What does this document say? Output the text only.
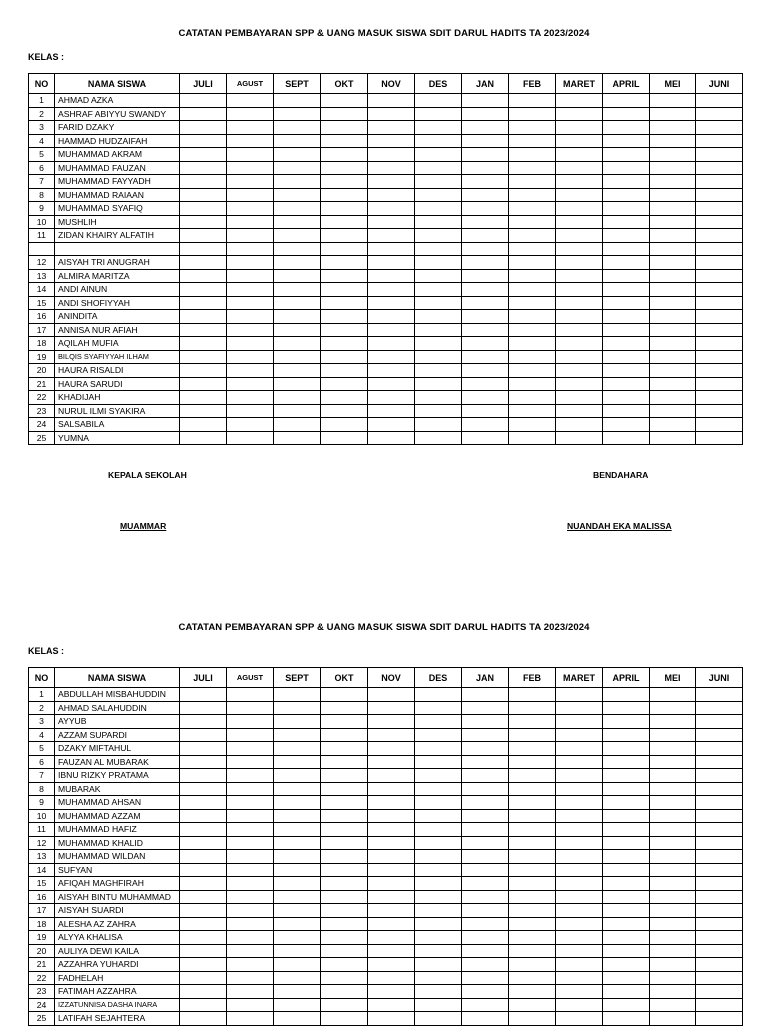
CATATAN PEMBAYARAN SPP & UANG MASUK SISWA SDIT DARUL HADITS TA 2023/2024
KELAS :
NO	NAMA SISWA	JULI	AGUST	SEPT	OKT	NOV	DES	JAN	FEB	MARET	APRIL	MEI	JUNI
1	AHMAD AZKA												
2	ASHRAF ABIYYU SWANDY												
3	FARID DZAKY												
4	HAMMAD HUDZAIFAH												
5	MUHAMMAD AKRAM												
6	MUHAMMAD FAUZAN												
7	MUHAMMAD FAYYADH												
8	MUHAMMAD RAIAAN												
9	MUHAMMAD SYAFIQ												
10	MUSHLIH												
11	ZIDAN KHAIRY ALFATIH												

12	AISYAH TRI ANUGRAH												
13	ALMIRA MARITZA												
14	ANDI AINUN												
15	ANDI SHOFIYYAH												
16	ANINDITA												
17	ANNISA NUR AFIAH												
18	AQILAH MUFIA												
19	BILQIS SYAFIYYAH ILHAM												
20	HAURA RISALDI												
21	HAURA SARUDI												
22	KHADIJAH												
23	NURUL ILMI SYAKIRA												
24	SALSABILA												
25	YUMNA												
KEPALA SEKOLAH	BENDAHARA
MUAMMAR	NUANDAH EKA MALISSA
CATATAN PEMBAYARAN SPP & UANG MASUK SISWA SDIT DARUL HADITS TA 2023/2024
KELAS :
NO	NAMA SISWA	JULI	AGUST	SEPT	OKT	NOV	DES	JAN	FEB	MARET	APRIL	MEI	JUNI
1	ABDULLAH MISBAHUDDIN												
2	AHMAD SALAHUDDIN												
3	AYYUB												
4	AZZAM SUPARDI												
5	DZAKY MIFTAHUL												
6	FAUZAN AL MUBARAK												
7	IBNU RIZKY PRATAMA												
8	MUBARAK												
9	MUHAMMAD AHSAN												
10	MUHAMMAD AZZAM												
11	MUHAMMAD HAFIZ												
12	MUHAMMAD KHALID												
13	MUHAMMAD WILDAN												
14	SUFYAN												
15	AFIQAH MAGHFIRAH												
16	AISYAH BINTU MUHAMMAD												
17	AISYAH SUARDI												
18	ALESHA AZ ZAHRA												
19	ALYYA KHALISA												
20	AULIYA DEWI KAILA												
21	AZZAHRA YUHARDI												
22	FADHELAH												
23	FATIMAH AZZAHRA												
24	IZZATUNNISA DASHA INARA												
25	LATIFAH SEJAHTERA												
